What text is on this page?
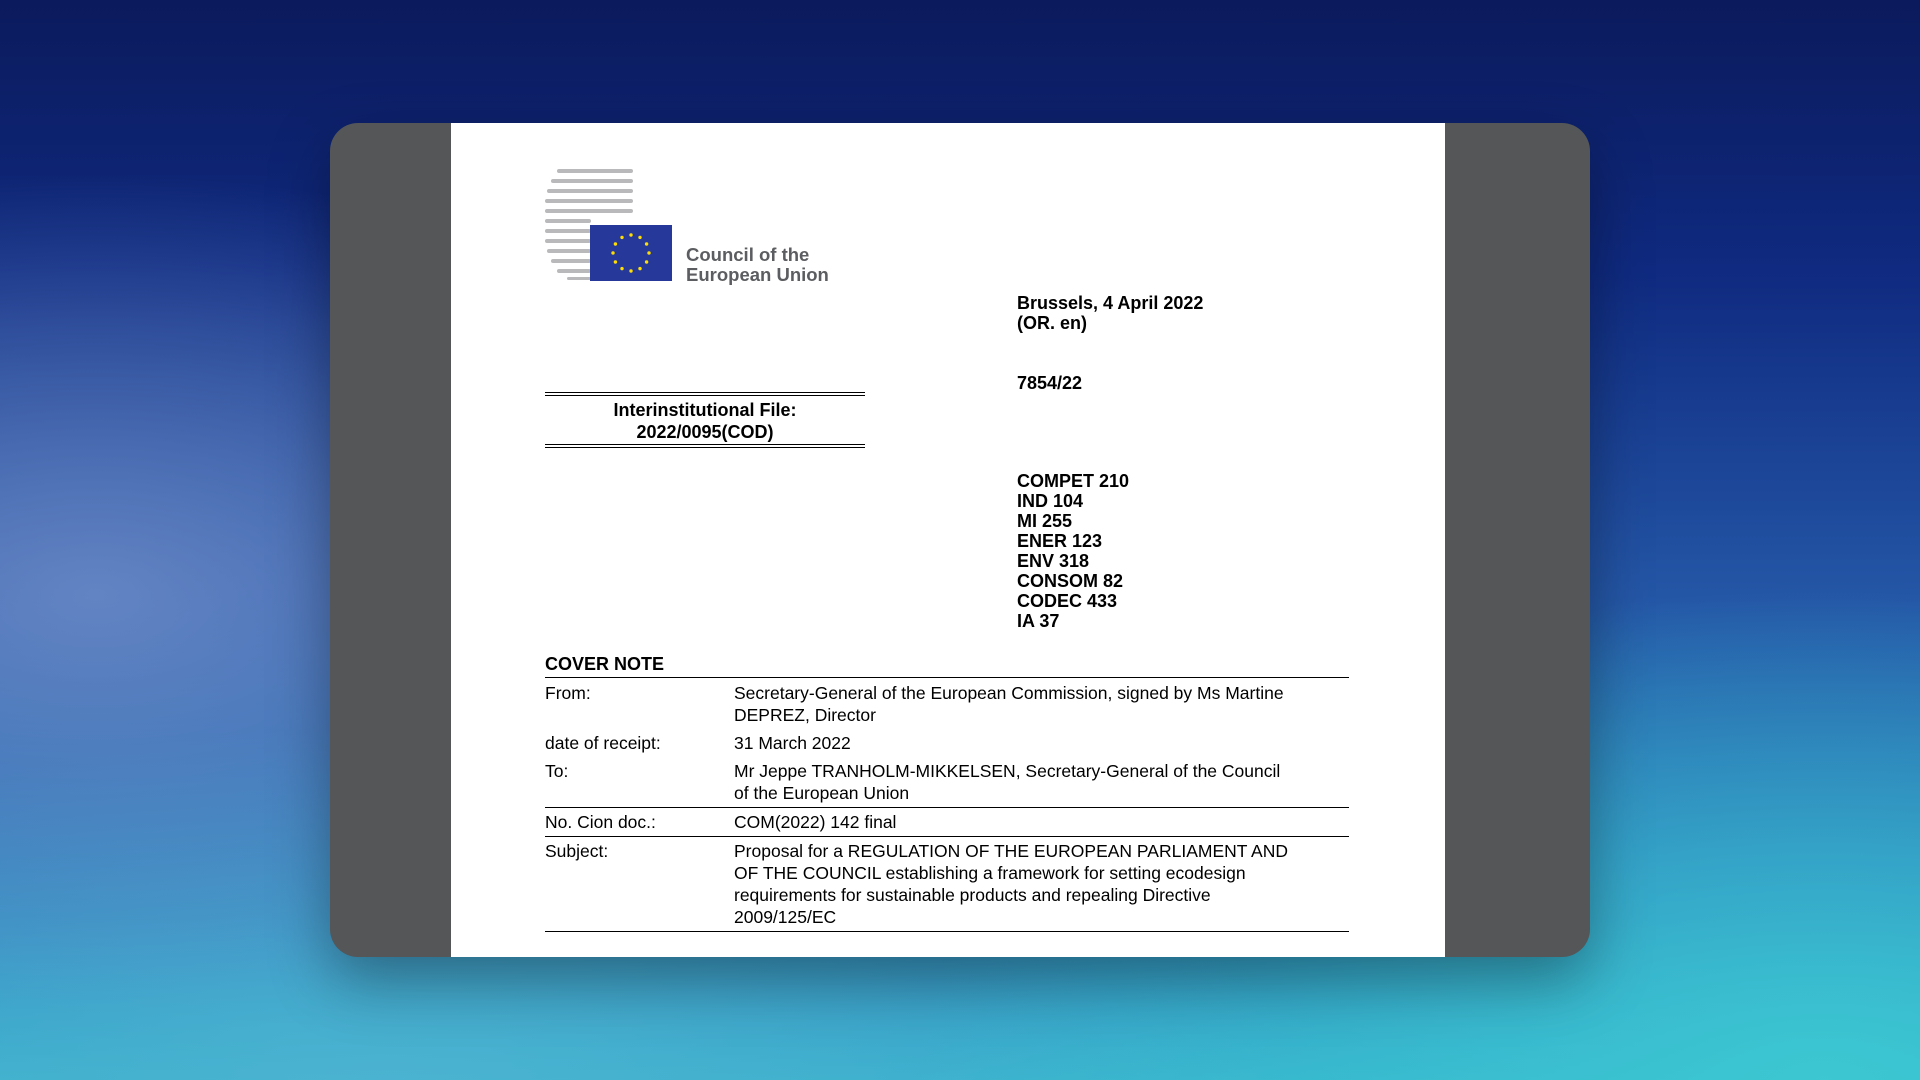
Council of the
European Union
Brussels, 4 April 2022
(OR. en)
7854/22
Interinstitutional File:
2022/0095(COD)
COMPET 210
IND 104
MI 255
ENER 123
ENV 318
CONSOM 82
CODEC 433
IA 37
COVER NOTE
From:	Secretary-General of the European Commission, signed by Ms Martine
DEPREZ, Director
date of receipt:	31 March 2022
To:	Mr Jeppe TRANHOLM-MIKKELSEN, Secretary-General of the Council
of the European Union
No. Cion doc.:	COM(2022) 142 final
Subject:	Proposal for a REGULATION OF THE EUROPEAN PARLIAMENT AND
OF THE COUNCIL establishing a framework for setting ecodesign
requirements for sustainable products and repealing Directive
2009/125/EC
